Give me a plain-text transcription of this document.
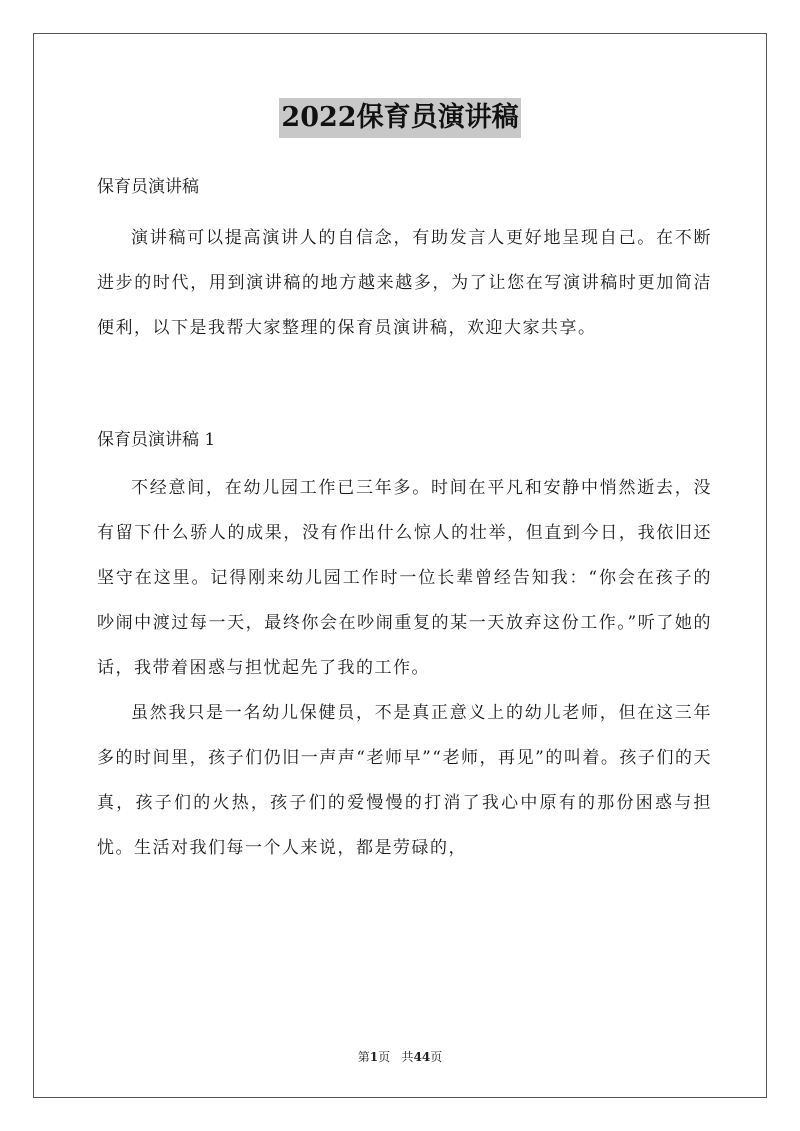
2022保育员演讲稿

保育员演讲稿

演讲稿可以提高演讲人的自信念，有助发言人更好地呈现自己。在不断进步的时代，用到演讲稿的地方越来越多，为了让您在写演讲稿时更加简洁便利，以下是我帮大家整理的保育员演讲稿，欢迎大家共享。

保育员演讲稿 1

不经意间，在幼儿园工作已三年多。时间在平凡和安静中悄然逝去，没有留下什么骄人的成果，没有作出什么惊人的壮举，但直到今日，我依旧还坚守在这里。记得刚来幼儿园工作时一位长辈曾经告知我：“你会在孩子的吵闹中渡过每一天，最终你会在吵闹重复的某一天放弃这份工作。”听了她的话，我带着困惑与担忧起先了我的工作。

虽然我只是一名幼儿保健员，不是真正意义上的幼儿老师，但在这三年多的时间里，孩子们仍旧一声声“老师早”“老师，再见”的叫着。孩子们的天真，孩子们的火热，孩子们的爱慢慢的打消了我心中原有的那份困惑与担忧。生活对我们每一个人来说，都是劳碌的，

第1页 共44页
